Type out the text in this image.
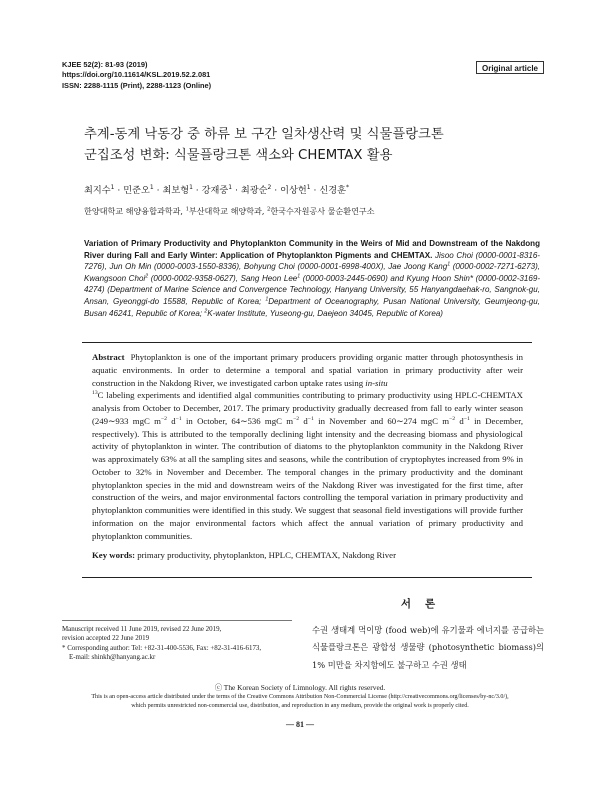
KJEE 52(2): 81-93 (2019)
https://doi.org/10.11614/KSL.2019.52.2.081
ISSN: 2288-1115 (Print), 2288-1123 (Online)
Original article
추계-동계 낙동강 중 하류 보 구간 일차생산력 및 식물플랑크톤
군집조성 변화: 식물플랑크톤 색소와 CHEMTAX 활용
최지수$^1$ · 민준오$^1$ · 최보형$^1$ · 강재중$^1$ · 최광순$^2$ · 이상헌$^1$ · 신경훈*
한양대학교 해양융합과학과, $^1$부산대학교 해양학과, $^2$한국수자원공사 물순환연구소
Variation of Primary Productivity and Phytoplankton Community in the Weirs of Mid and Downstream of the Nakdong River during Fall and Early Winter: Application of Phytoplankton Pigments and CHEMTAX. Jisoo Choi (0000-0001-8316-7276), Jun Oh Min (0000-0003-1550-8336), Bohyung Choi (0000-0001-6998-400X), Jae Joong Kang$^1$ (0000-0002-7271-6273), Kwangsoon Choi$^2$ (0000-0002-9358-0627), Sang Heon Lee$^1$ (0000-0003-2445-0690) and Kyung Hoon Shin* (0000-0002-3169-4274) (Department of Marine Science and Convergence Technology, Hanyang University, 55 Hanyangdaehak-ro, Sangnok-gu, Ansan, Gyeonggi-do 15588, Republic of Korea; $^1$Department of Oceanography, Pusan National University, Geumjeong-gu, Busan 46241, Republic of Korea; $^2$K-water Institute, Yuseong-gu, Daejeon 34045, Republic of Korea)
Abstract Phytoplankton is one of the important primary producers providing organic matter through photosynthesis in aquatic environments. In order to determine a temporal and spatial variation in primary productivity after weir construction in the Nakdong River, we investigated carbon uptake rates using in-situ
$^{13}$C labeling experiments and identified algal communities contributing to primary productivity using HPLC-CHEMTAX analysis from October to December, 2017. The primary productivity gradually decreased from fall to early winter season (249∼933 mgC $m^{-2}$ $d^{-1}$ in October, 64∼536 mgC $m^{-2}$ $d^{-1}$ in November and 60∼274 mgC $m^{-2}$ $d^{-1}$ in December, respectively). This is attributed to the temporally declining light intensity and the decreasing biomass and physiological activity of phytoplankton in winter. The contribution of diatoms to the phytoplankton community in the Nakdong River was approximately 63% at all the sampling sites and seasons, while the contribution of cryptophytes increased from 9% in October to 32% in November and December. The temporal changes in the primary productivity and the dominant phytoplankton species in the mid and downstream weirs of the Nakdong River was investigated for the first time, after construction of the weirs, and major environmental factors controlling the temporal variation in primary productivity and phytoplankton communities were identified in this study. We suggest that seasonal field investigations will provide further information on the major environmental factors which affect the annual variation of primary productivity and phytoplankton communities.
Key words: primary productivity, phytoplankton, HPLC, CHEMTAX, Nakdong River
서론
Manuscript received 11 June 2019, revised 22 June 2019,
revision accepted 22 June 2019
* Corresponding author: Tel: +82-31-400-5536, Fax: +82-31-416-6173,
E-mail: shinkh@hanyang.ac.kr
수권 생태계 먹이망 (food web)에 유기물과 에너지를 공급하는 식물플랑크톤은 광합성 생물량 (photosynthetic biomass)의 1% 미만을 차지함에도 불구하고 수권 생태
ⓒ The Korean Society of Limnology. All rights reserved.
This is an open-access article distributed under the terms of the Creative Commons Attribution Non-Commercial License (http://creativecommons.org/licenses/by-nc/3.0/),
which permits unrestricted non-commercial use, distribution, and reproduction in any medium, provide the original work is properly cited.
— 81 —
